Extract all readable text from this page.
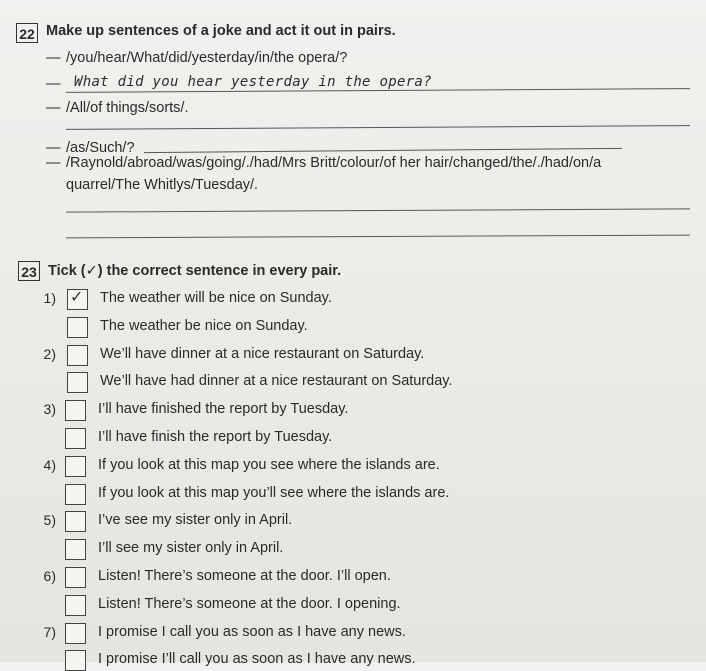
22 Make up sentences of a joke and act it out in pairs.
— /you/hear/What/did/yesterday/in/the opera/?
— What did you hear yesterday in the opera?
— /All/of things/sorts/.
— /as/Such/?
— /Raynold/abroad/was/going/./had/Mrs Britt/colour/of her hair/changed/the/./had/on/a
quarrel/The Whitlys/Tuesday/.
23 Tick (✓) the correct sentence in every pair.
1) ✓ The weather will be nice on Sunday.
The weather be nice on Sunday.
2)	We’ll have dinner at a nice restaurant on Saturday.
We’ll have had dinner at a nice restaurant on Saturday.
3)	I’ll have finished the report by Tuesday.
I’ll have finish the report by Tuesday.
4)	If you look at this map you see where the islands are.
If you look at this map you’ll see where the islands are.
5)	I’ve see my sister only in April.
I’ll see my sister only in April.
6)	Listen! There’s someone at the door. I’ll open.
Listen! There’s someone at the door. I opening.
7)	I promise I call you as soon as I have any news.
I promise I’ll call you as soon as I have any news.
